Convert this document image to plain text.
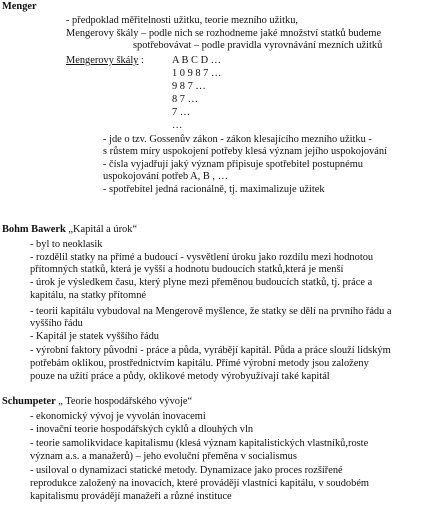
Menger
- předpoklad měřitelnosti užitku, teorie mezního užitku,
Mengerovy škály – podle nich se rozhodneme jaké množství statků budeme
spotřebovávat – podle pravidla vyrovnávání mezních užitků
Mengerovy škály :	A B C D …
1 0 9 8 7 …
9 8 7 …
8 7 …
7 …
…
- jde o tzv. Gossenův zákon - zákon klesajícího mezního užitku -
s růstem míry uspokojení potřeby klesá význam jejího uspokojování
- čísla vyjadřují jaký význam připisuje spotřebitel postupnému
uspokojování potřeb A, B , …
- spotřebitel jedná racionálně, tj. maximalizuje užitek
Bohm Bawerk „Kapitál a úrok“
- byl to neoklasik
- rozdělil statky na přímé a budoucí - vysvětlení úroku jako rozdílu mezi hodnotou
přítomných statků, která je vyšší a hodnotu budoucích statků,která je menší
- úrok je výsledkem času, který plyne mezi přeměnou budoucích statků, tj. práce a
kapitálu, na statky přítomné
- teorii kapitálu vybudoval na Mengerově myšlence, že statky se dělí na prvního řádu a
vyššího řádu
- Kapitál je statek vyššího řádu
- výrobní faktory původní - práce a půda, vyrábějí kapitál. Půda a práce slouží lidským
potřebám oklikou, prostřednictvím kapitálu. Přímé výrobní metody jsou založeny
pouze na užití práce a půdy, oklikové metody výrobyužívají také kapitál
Schumpeter „ Teorie hospodářského vývoje“
- ekonomický vývoj je vyvolán inovacemi
- inovační teorie hospodářských cyklů a dlouhých vln
- teorie samolikvidace kapitalismu (klesá význam kapitalistických vlastníků,roste
význam a.s. a manažerů) – jeho evoluční přeměna v socialismus
- usiloval o dynamizaci statické metody. Dynamizace jako proces rozšířené
reprodukce založený na inovacích, které provádějí vlastníci kapitálu, v soudobém
kapitalismu provádějí manažeři a různé instituce
